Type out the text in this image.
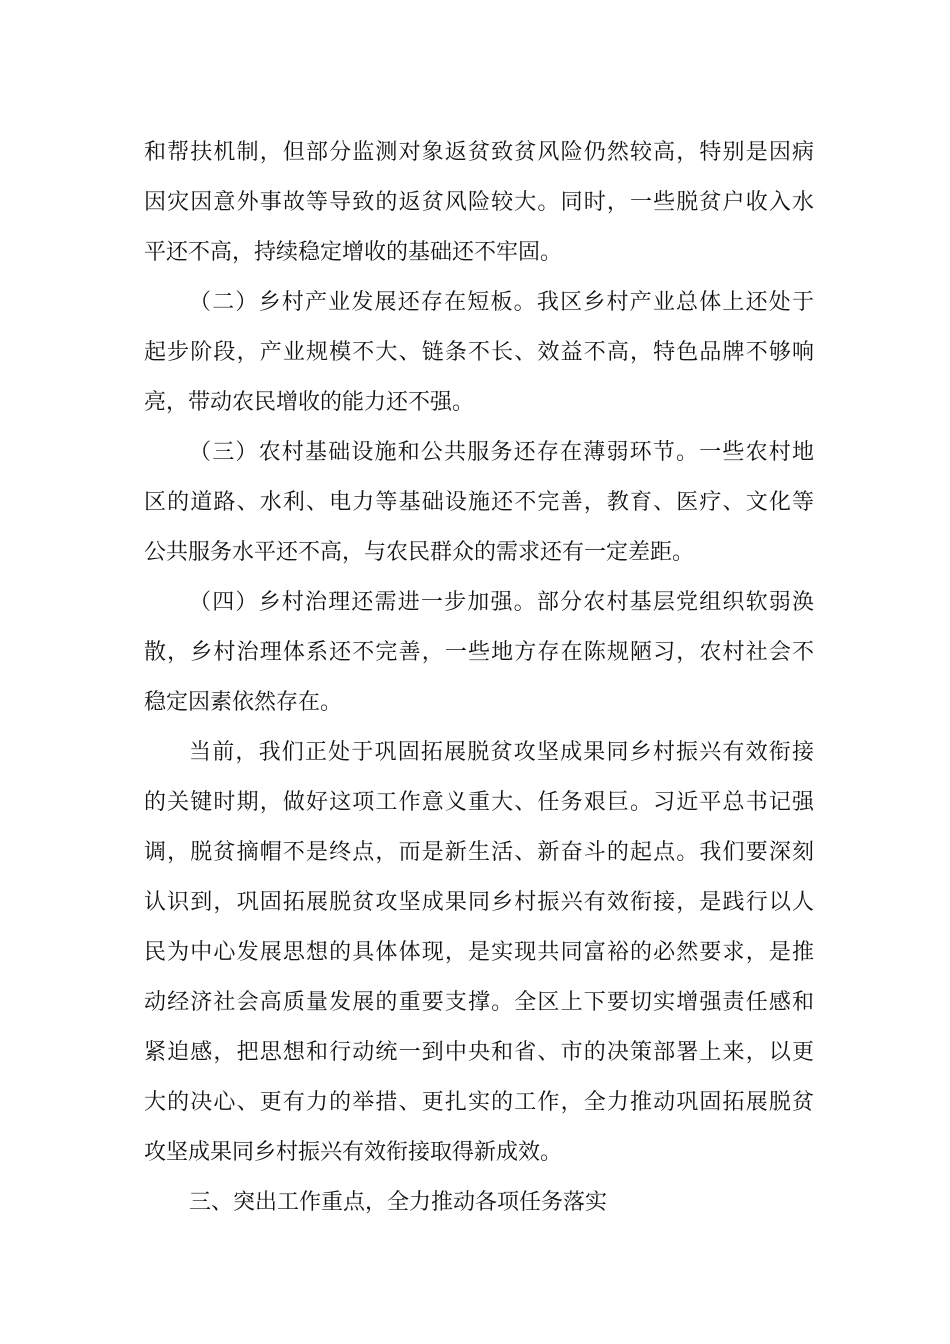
和帮扶机制，但部分监测对象返贫致贫风险仍然较高，特别是因病
因灾因意外事故等导致的返贫风险较大。同时，一些脱贫户收入水
平还不高，持续稳定增收的基础还不牢固。
（二）乡村产业发展还存在短板。我区乡村产业总体上还处于
起步阶段，产业规模不大、链条不长、效益不高，特色品牌不够响
亮，带动农民增收的能力还不强。
（三）农村基础设施和公共服务还存在薄弱环节。一些农村地
区的道路、水利、电力等基础设施还不完善，教育、医疗、文化等
公共服务水平还不高，与农民群众的需求还有一定差距。
（四）乡村治理还需进一步加强。部分农村基层党组织软弱涣
散，乡村治理体系还不完善，一些地方存在陈规陋习，农村社会不
稳定因素依然存在。
当前，我们正处于巩固拓展脱贫攻坚成果同乡村振兴有效衔接
的关键时期，做好这项工作意义重大、任务艰巨。习近平总书记强
调，脱贫摘帽不是终点，而是新生活、新奋斗的起点。我们要深刻
认识到，巩固拓展脱贫攻坚成果同乡村振兴有效衔接，是践行以人
民为中心发展思想的具体体现，是实现共同富裕的必然要求，是推
动经济社会高质量发展的重要支撑。全区上下要切实增强责任感和
紧迫感，把思想和行动统一到中央和省、市的决策部署上来，以更
大的决心、更有力的举措、更扎实的工作，全力推动巩固拓展脱贫
攻坚成果同乡村振兴有效衔接取得新成效。
三、突出工作重点，全力推动各项任务落实
